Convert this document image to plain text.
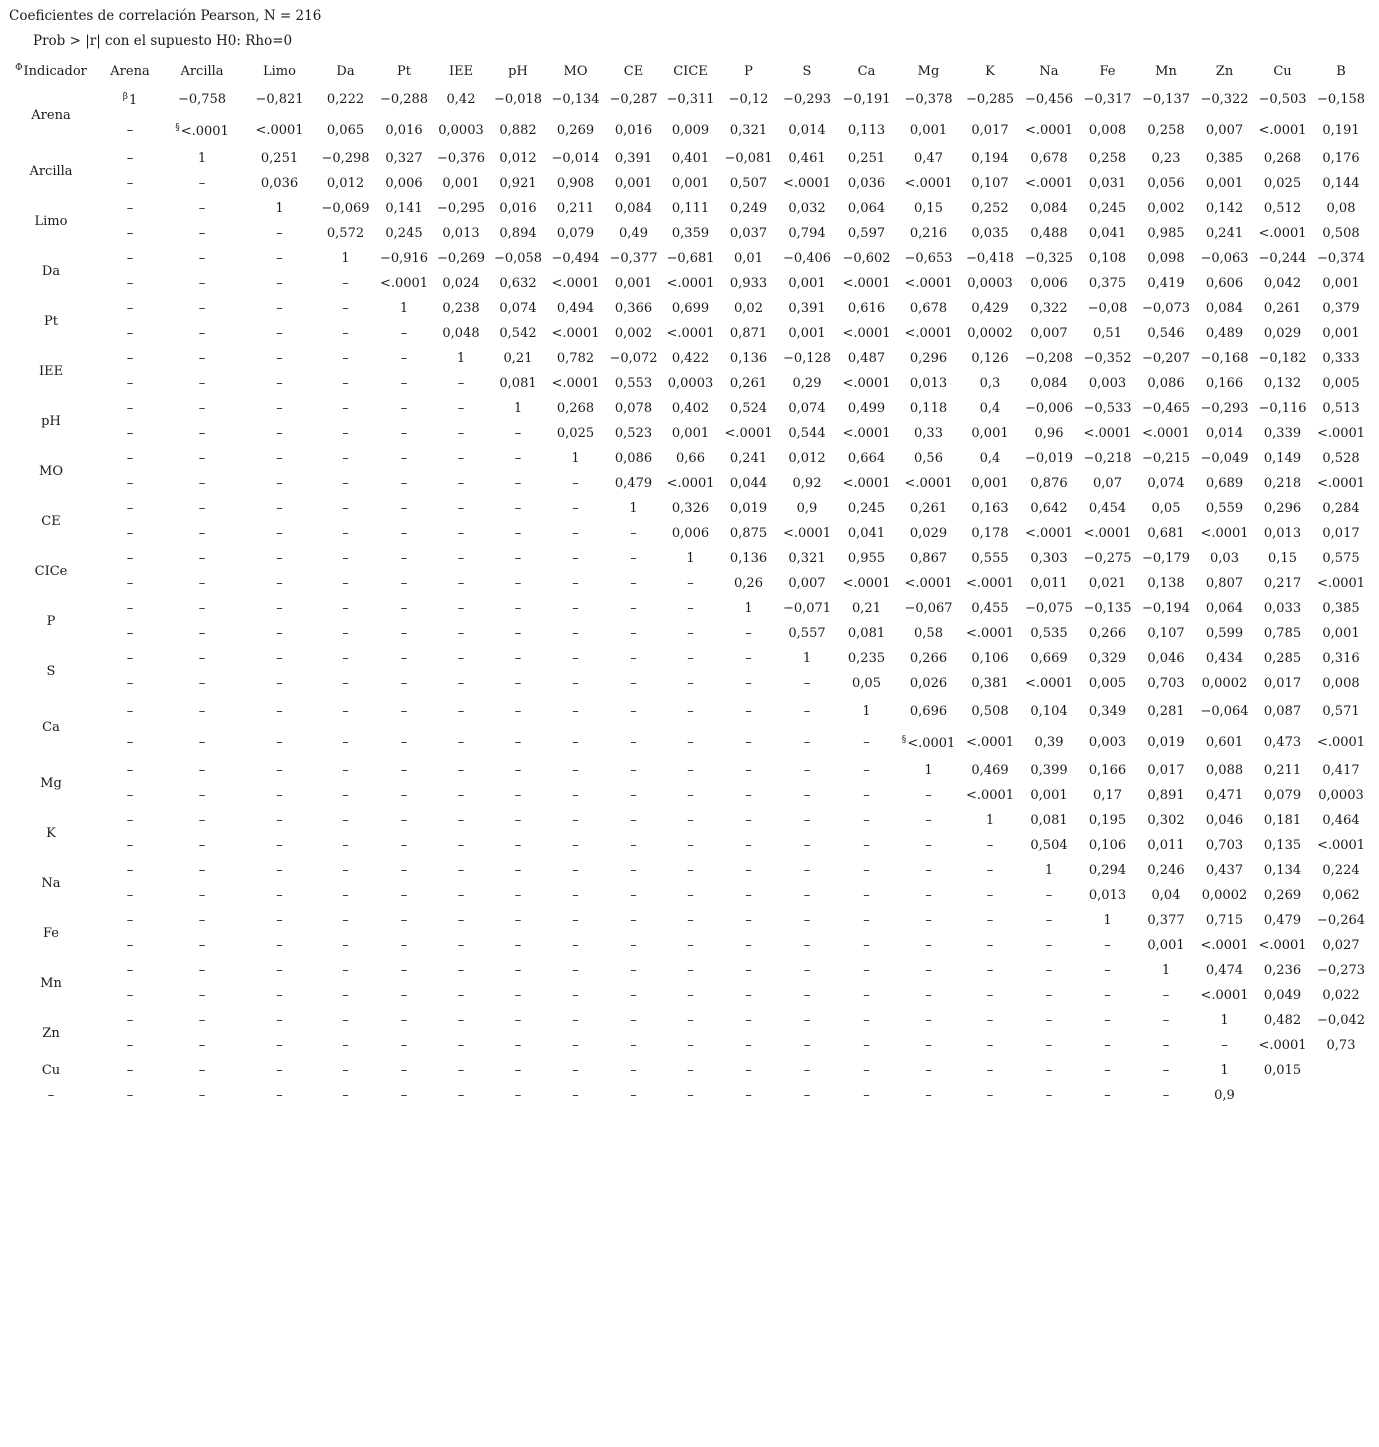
Coeficientes de correlación Pearson, N = 216
Prob > |r| con el supuesto H0: Rho=0
$^\Phi$Indicador	Arena	Arcilla	Limo	Da	Pt	IEE	pH	MO	CE	CICE	P	S	Ca	Mg	K	Na	Fe	Mn	Zn	Cu	B
Arena	$^\beta$1	−0,758	−0,821	0,222	−0,288	0,42	−0,018	−0,134	−0,287	−0,311	−0,12	−0,293	−0,191	−0,378	−0,285	−0,456	−0,317	−0,137	−0,322	−0,503	−0,158
	–	§<.0001	<.0001	0,065	0,016	0,0003	0,882	0,269	0,016	0,009	0,321	0,014	0,113	0,001	0,017	<.0001	0,008	0,258	0,007	<.0001	0,191
Arcilla	–	1	0,251	−0,298	0,327	−0,376	0,012	−0,014	0,391	0,401	−0,081	0,461	0,251	0,47	0,194	0,678	0,258	0,23	0,385	0,268	0,176
	–	–	0,036	0,012	0,006	0,001	0,921	0,908	0,001	0,001	0,507	<.0001	0,036	<.0001	0,107	<.0001	0,031	0,056	0,001	0,025	0,144
Limo	–	–	1	−0,069	0,141	−0,295	0,016	0,211	0,084	0,111	0,249	0,032	0,064	0,15	0,252	0,084	0,245	0,002	0,142	0,512	0,08
	–	–	–	0,572	0,245	0,013	0,894	0,079	0,49	0,359	0,037	0,794	0,597	0,216	0,035	0,488	0,041	0,985	0,241	<.0001	0,508
Da	–	–	–	1	−0,916	−0,269	−0,058	−0,494	−0,377	−0,681	0,01	−0,406	−0,602	−0,653	−0,418	−0,325	0,108	0,098	−0,063	−0,244	−0,374
	–	–	–	–	<.0001	0,024	0,632	<.0001	0,001	<.0001	0,933	0,001	<.0001	<.0001	0,0003	0,006	0,375	0,419	0,606	0,042	0,001
Pt	–	–	–	–	1	0,238	0,074	0,494	0,366	0,699	0,02	0,391	0,616	0,678	0,429	0,322	−0,08	−0,073	0,084	0,261	0,379
	–	–	–	–	–	0,048	0,542	<.0001	0,002	<.0001	0,871	0,001	<.0001	<.0001	0,0002	0,007	0,51	0,546	0,489	0,029	0,001
IEE	–	–	–	–	–	1	0,21	0,782	−0,072	0,422	0,136	−0,128	0,487	0,296	0,126	−0,208	−0,352	−0,207	−0,168	−0,182	0,333
	–	–	–	–	–	–	0,081	<.0001	0,553	0,0003	0,261	0,29	<.0001	0,013	0,3	0,084	0,003	0,086	0,166	0,132	0,005
pH	–	–	–	–	–	–	1	0,268	0,078	0,402	0,524	0,074	0,499	0,118	0,4	−0,006	−0,533	−0,465	−0,293	−0,116	0,513
	–	–	–	–	–	–	–	0,025	0,523	0,001	<.0001	0,544	<.0001	0,33	0,001	0,96	<.0001	<.0001	0,014	0,339	<.0001
MO	–	–	–	–	–	–	–	1	0,086	0,66	0,241	0,012	0,664	0,56	0,4	−0,019	−0,218	−0,215	−0,049	0,149	0,528
	–	–	–	–	–	–	–	–	0,479	<.0001	0,044	0,92	<.0001	<.0001	0,001	0,876	0,07	0,074	0,689	0,218	<.0001
CE	–	–	–	–	–	–	–	–	1	0,326	0,019	0,9	0,245	0,261	0,163	0,642	0,454	0,05	0,559	0,296	0,284
	–	–	–	–	–	–	–	–	–	0,006	0,875	<.0001	0,041	0,029	0,178	<.0001	<.0001	0,681	<.0001	0,013	0,017
CICe	–	–	–	–	–	–	–	–	–	1	0,136	0,321	0,955	0,867	0,555	0,303	−0,275	−0,179	0,03	0,15	0,575
	–	–	–	–	–	–	–	–	–	–	0,26	0,007	<.0001	<.0001	<.0001	0,011	0,021	0,138	0,807	0,217	<.0001
P	–	–	–	–	–	–	–	–	–	–	1	−0,071	0,21	−0,067	0,455	−0,075	−0,135	−0,194	0,064	0,033	0,385
	–	–	–	–	–	–	–	–	–	–	–	0,557	0,081	0,58	<.0001	0,535	0,266	0,107	0,599	0,785	0,001
S	–	–	–	–	–	–	–	–	–	–	–	1	0,235	0,266	0,106	0,669	0,329	0,046	0,434	0,285	0,316
	–	–	–	–	–	–	–	–	–	–	–	–	0,05	0,026	0,381	<.0001	0,005	0,703	0,0002	0,017	0,008
Ca	–	–	–	–	–	–	–	–	–	–	–	–	1	0,696	0,508	0,104	0,349	0,281	−0,064	0,087	0,571
	–	–	–	–	–	–	–	–	–	–	–	–	–	§<.0001	<.0001	0,39	0,003	0,019	0,601	0,473	<.0001
Mg	–	–	–	–	–	–	–	–	–	–	–	–	–	1	0,469	0,399	0,166	0,017	0,088	0,211	0,417
	–	–	–	–	–	–	–	–	–	–	–	–	–	–	<.0001	0,001	0,17	0,891	0,471	0,079	0,0003
K	–	–	–	–	–	–	–	–	–	–	–	–	–	–	1	0,081	0,195	0,302	0,046	0,181	0,464
	–	–	–	–	–	–	–	–	–	–	–	–	–	–	–	0,504	0,106	0,011	0,703	0,135	<.0001
Na	–	–	–	–	–	–	–	–	–	–	–	–	–	–	–	1	0,294	0,246	0,437	0,134	0,224
	–	–	–	–	–	–	–	–	–	–	–	–	–	–	–	–	0,013	0,04	0,0002	0,269	0,062
Fe	–	–	–	–	–	–	–	–	–	–	–	–	–	–	–	–	1	0,377	0,715	0,479	−0,264
	–	–	–	–	–	–	–	–	–	–	–	–	–	–	–	–	–	0,001	<.0001	<.0001	0,027
Mn	–	–	–	–	–	–	–	–	–	–	–	–	–	–	–	–	–	1	0,474	0,236	−0,273
	–	–	–	–	–	–	–	–	–	–	–	–	–	–	–	–	–	–	<.0001	0,049	0,022
Zn	–	–	–	–	–	–	–	–	–	–	–	–	–	–	–	–	–	–	1	0,482	−0,042
	–	–	–	–	–	–	–	–	–	–	–	–	–	–	–	–	–	–	–	<.0001	0,73
Cu	–	–	–	–	–	–	–	–	–	–	–	–	–	–	–	–	–	–	1	0,015	
–	–	–	–	–	–	–	–	–	–	–	–	–	–	–	–	–	–	–	0,9		
